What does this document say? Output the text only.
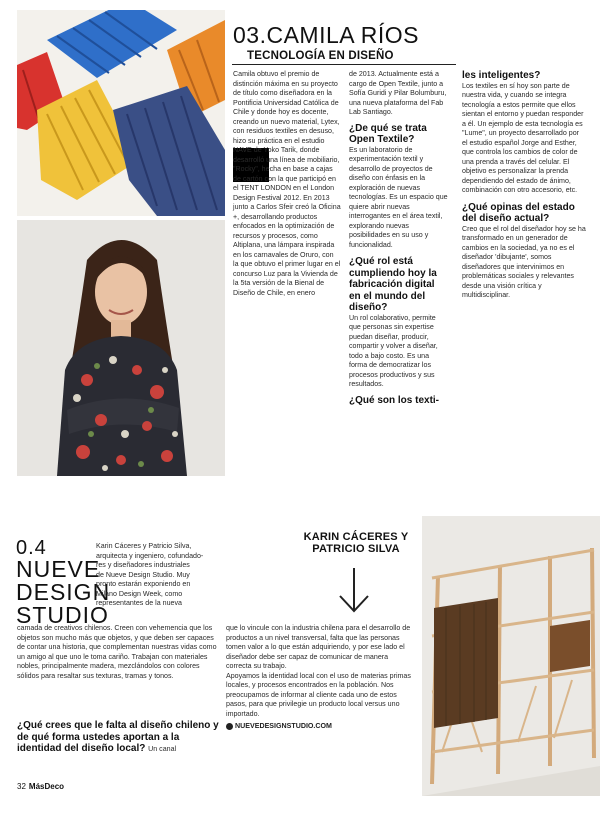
03.CAMILA RÍOS
TECNOLOGÍA EN DISEÑO
Camila obtuvo el premio de distinción máxima en su proyecto de título como diseñadora en la Pontificia Universidad Católica de Chile y donde hoy es docente, creando un nuevo material, Lytex, con residuos textiles en desuso, hizo su práctica en el estudio NAVE de Yoko Tarik, donde desarrolló una línea de mobiliario, "Rocky", hecha en base a cajas de cartón con la que participó en el TENT LONDON en el London Design Festival 2012. En 2013 junto a Carlos Sfeir creó la Oficina +, desarrollando productos enfocados en la optimización de recursos y procesos, como Altiplana, una lámpara inspirada en los carnavales de Oruro, con la que obtuvo el primer lugar en el concurso Luz para la Vivienda de la 5ta versión de la Bienal de Diseño de Chile, en enero

de 2013. Actualmente está a cargo de Open Textile, junto a Sofía Guridi y Pilar Bolumburu, una nueva plataforma del Fab Lab Santiago.

¿De qué se trata Open Textile?

Es un laboratorio de experimentación textil y desarrollo de proyectos de diseño con énfasis en la exploración de nuevas tecnologías. Es un espacio que quiere abrir nuevas interrogantes en el área textil, explorando nuevas posibilidades en su uso y funcionalidad.

¿Qué rol está cumpliendo hoy la fabricación digital en el mundo del diseño?

Un rol colaborativo, permite que personas sin expertise puedan diseñar, producir, compartir y volver a diseñar, todo a bajo costo. Es una forma de democratizar los procesos productivos y sus resultados.

¿Qué son los texti-

les inteligentes?

Los textiles en sí hoy son parte de nuestra vida, y cuando se integra tecnología a estos permite que ellos sientan el entorno y puedan responder a él. Un ejemplo de esta tecnología es "Lume", un proyecto desarrollado por el estudio español Jorge and Esther, que controla los cambios de color de una prenda a través del celular. El objetivo es personalizar la prenda dependiendo del estado de ánimo, combinación con otro accesorio, etc.

¿Qué opinas del estado del diseño actual?

Creo que el rol del diseñador hoy se ha transformado en un generador de cambios en la sociedad, ya no es el diseñador 'dibujante', somos diseñadores que intervinimos en problemáticas sociales y relevantes desde una visión crítica y multidisciplinar.

0.4
NUEVE
DESIGN
STUDIO
Karin Cáceres y Patricio Silva,
arquitecta y ingeniero, cofundado-
res y diseñadores industriales
de Nueve Design Studio. Muy
pronto estarán exponiendo en
Milano Design Week, como
representantes de la nueva
camada de creativos chilenos. Creen con vehemencia que los objetos son mucho más que objetos, y que deben ser capaces de contar una historia, que complementan nuestras vidas como un amigo al que uno le toma cariño. Trabajan con materiales nobles, principalmente madera, mezclándolos con colores sólidos para resaltar sus texturas, tramas y tonos.

¿Qué crees que le falta al diseño chileno y de qué forma ustedes aportan a la identidad del diseño local? Un canal

KARIN CÁCERES Y
PATRICIO SILVA

que lo vincule con la industria chilena para el desarrollo de productos a un nivel transversal, falta que las personas tomen valor a lo que están adquiriendo, y por ese lado el diseñador debe ser capaz de comunicar de manera correcta su trabajo.

Apoyamos la identidad local con el uso de materias primas locales, y procesos encontrados en la población. Nos preocupamos de informar al cliente cada uno de estos pasos, para que privilegie un producto local versus uno importado.

NUEVEDESIGNSTUDIO.COM
32 MásDeco
